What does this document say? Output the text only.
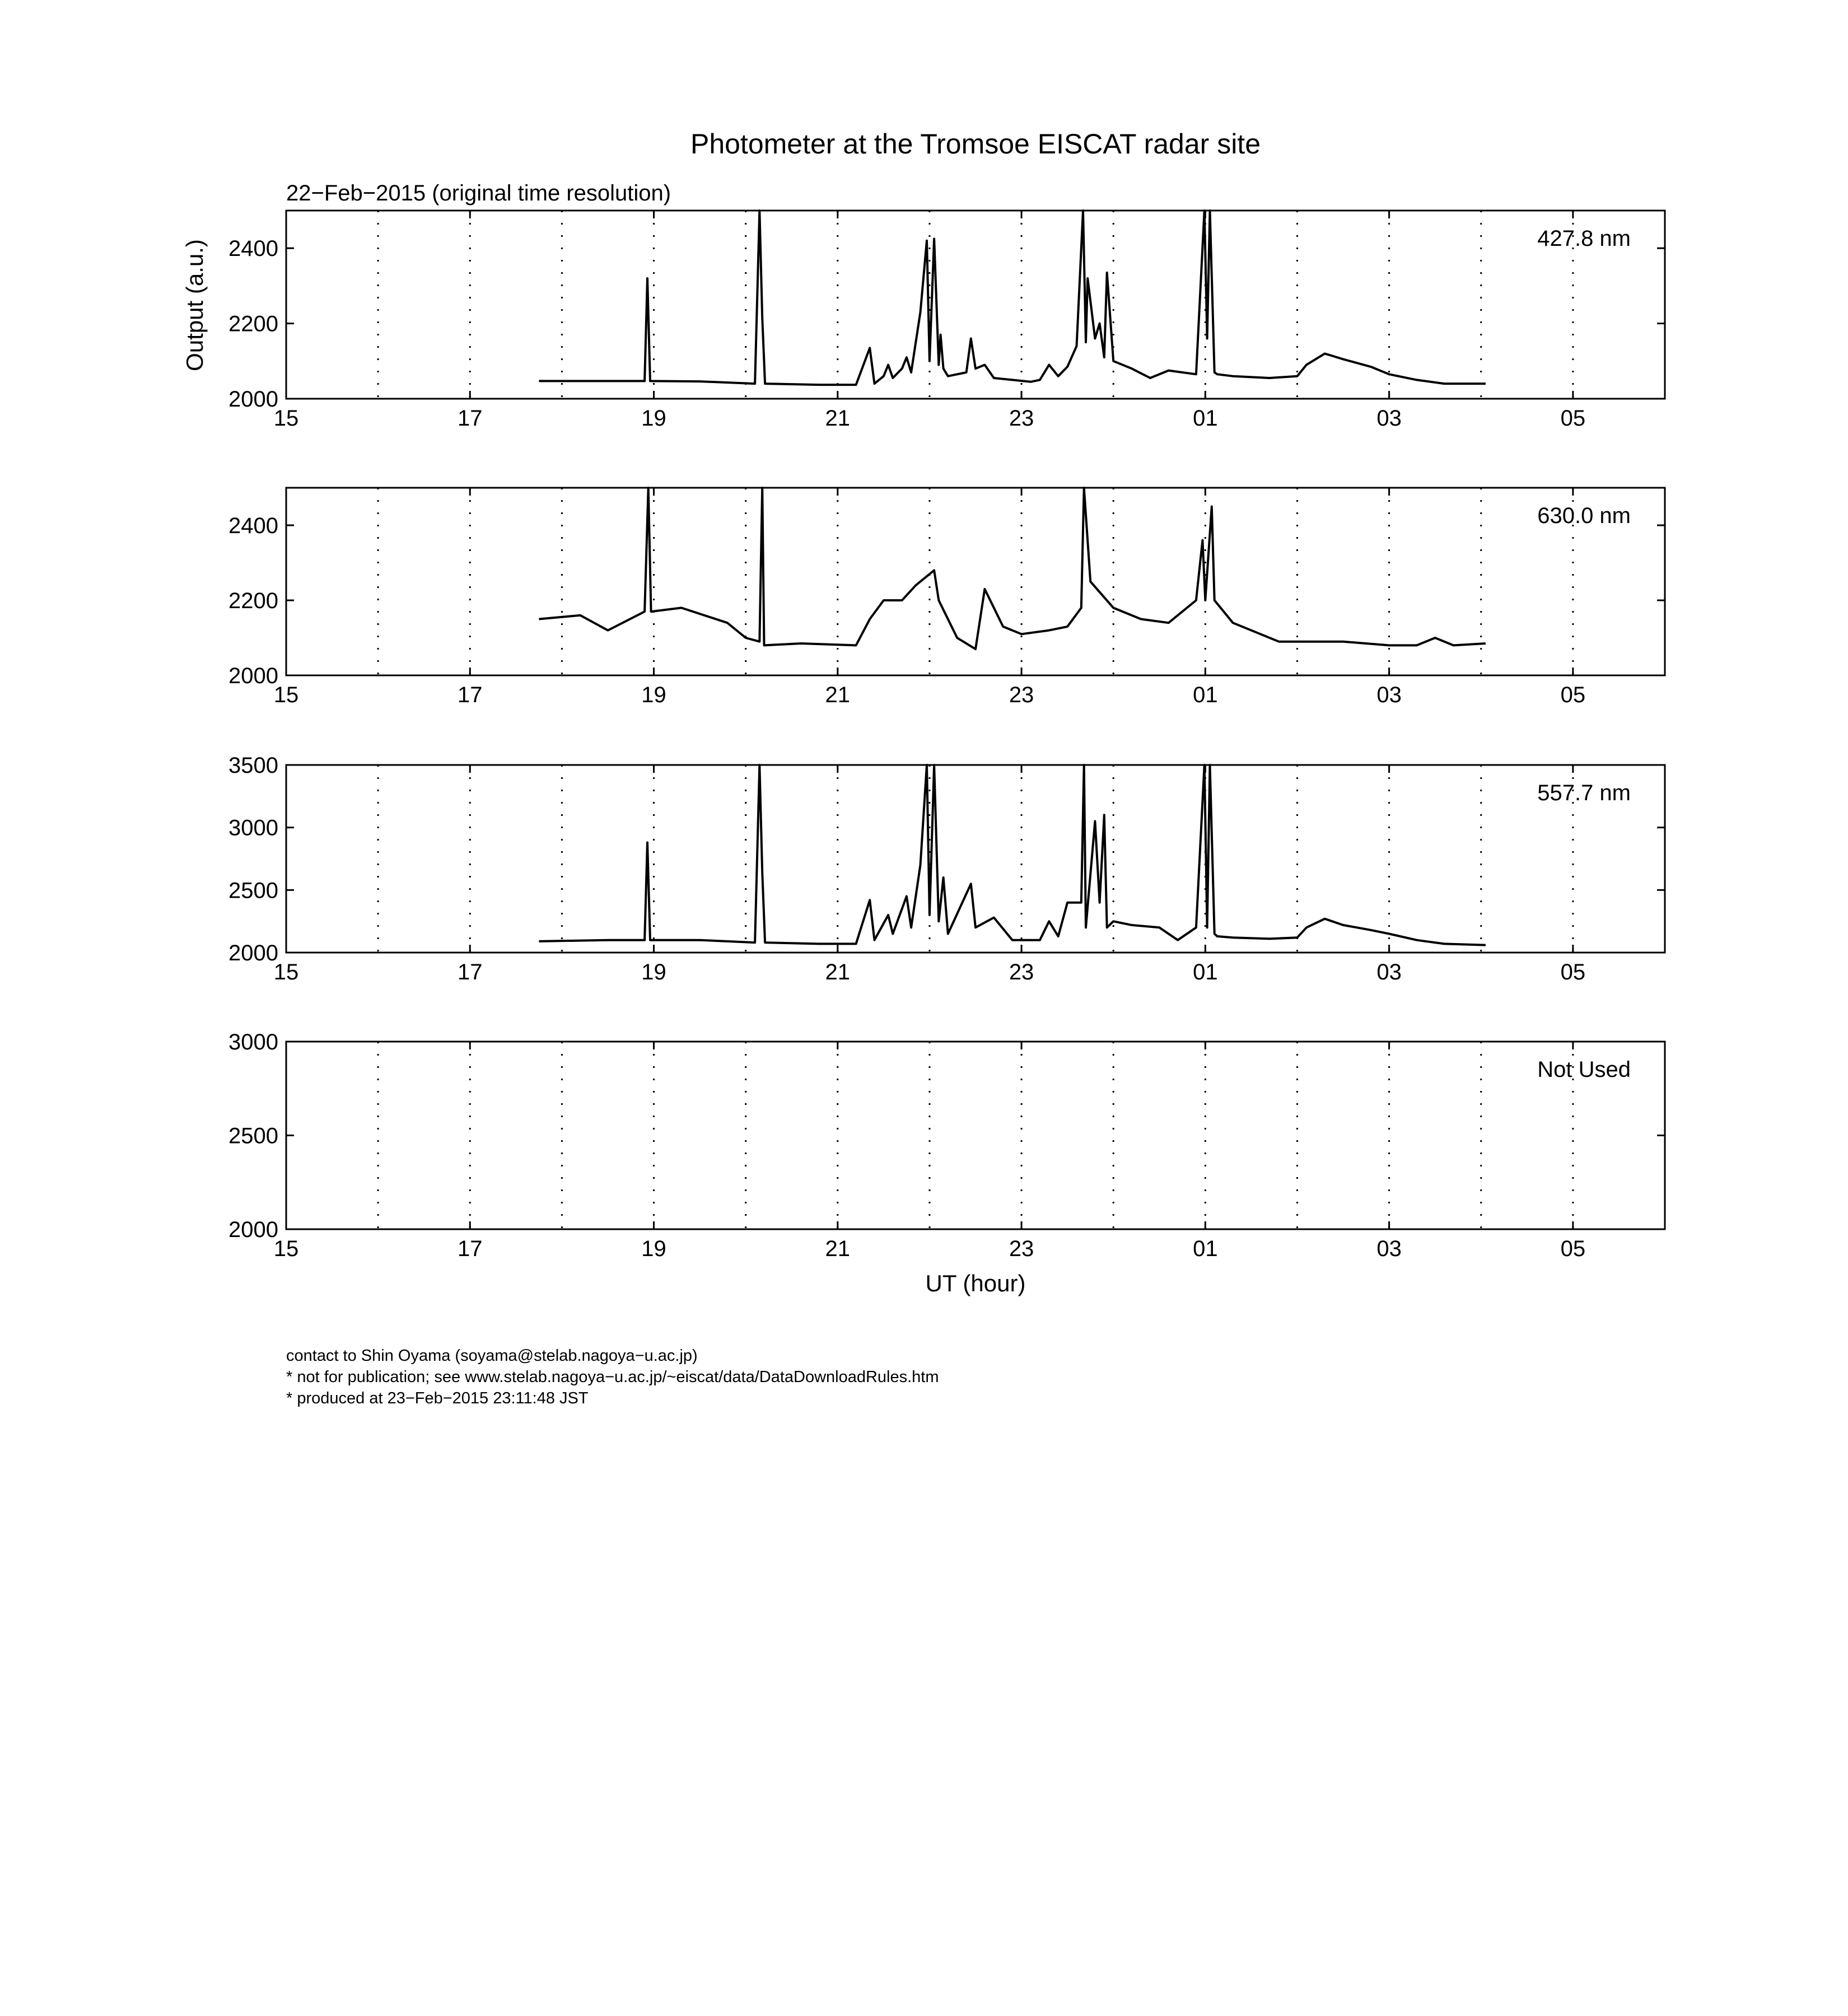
Photometer at the Tromsoe EISCAT radar site
22−Feb−2015 (original time resolution)
Output (a.u.)
UT (hour)
contact to Shin Oyama (soyama@stelab.nagoya−u.ac.jp)
* not for publication; see www.stelab.nagoya−u.ac.jp/~eiscat/data/DataDownloadRules.htm
* produced at 23−Feb−2015 23:11:48 JST
15	17	19	21	23	01	03	05
2000
2200
2400	427.8 nm
15	17	19	21	23	01	03	05
2000
2200
2400	630.0 nm
15	17	19	21	23	01	03	05
2000
2500
3000
3500
557.7 nm
15	17	19	21	23	01	03	05
2000
2500
3000
Not Used
